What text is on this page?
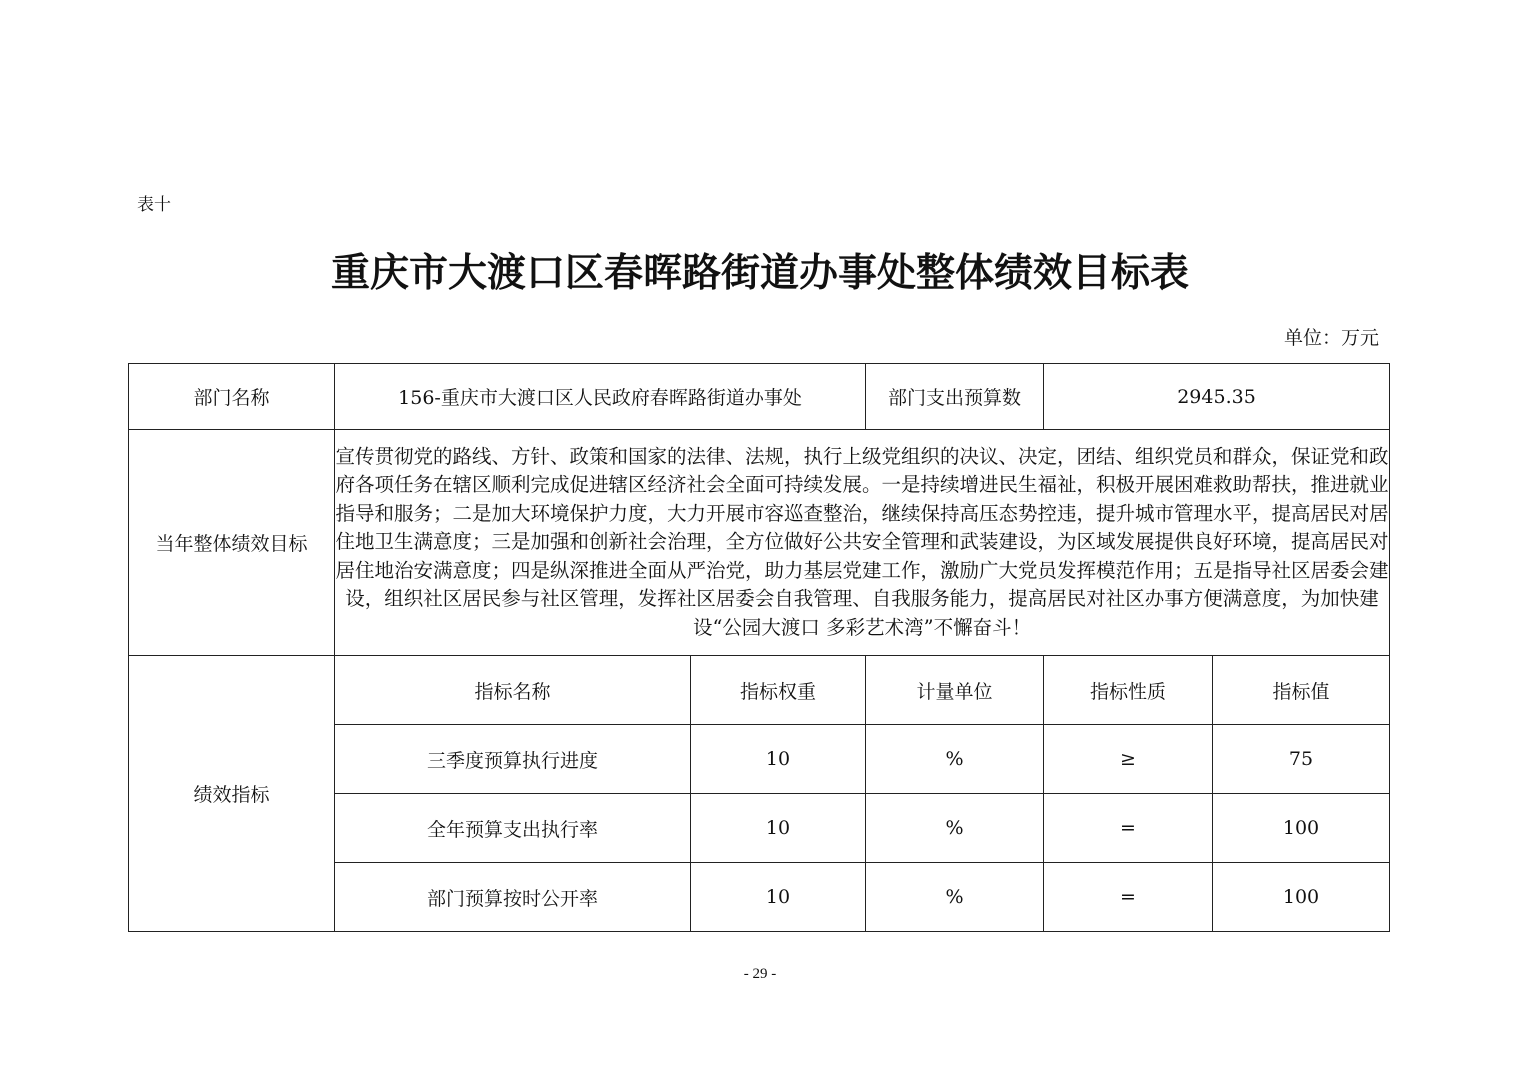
表十
重庆市大渡口区春晖路街道办事处整体绩效目标表
单位：万元
部门名称	156-重庆市大渡口区人民政府春晖路街道办事处		部门支出预算数	2945.35	
当年整体绩效目标	宣传贯彻党的路线、方针、政策和国家的法律、法规，执行上级党组织的决议、决定，团结、组织党员和群众，保证党和政府各项任务在辖区顺利完成促进辖区经济社会全面可持续发展。一是持续增进民生福祉，积极开展困难救助帮扶，推进就业指导和服务；二是加大环境保护力度，大力开展市容巡查整治，继续保持高压态势控违，提升城市管理水平，提高居民对居住地卫生满意度；三是加强和创新社会治理，全方位做好公共安全管理和武装建设，为区域发展提供良好环境，提高居民对居住地治安满意度；四是纵深推进全面从严治党，助力基层党建工作，激励广大党员发挥模范作用；五是指导社区居委会建设，组织社区居民参与社区管理，发挥社区居委会自我管理、自我服务能力，提高居民对社区办事方便满意度，为加快建设“公园大渡口 多彩艺术湾”不懈奋斗！				
绩效指标	指标名称	指标权重	计量单位	指标性质	指标值
	三季度预算执行进度	10	%	≥	75
	全年预算支出执行率	10	%	=	100
	部门预算按时公开率	10	%	=	100
- 29 -
